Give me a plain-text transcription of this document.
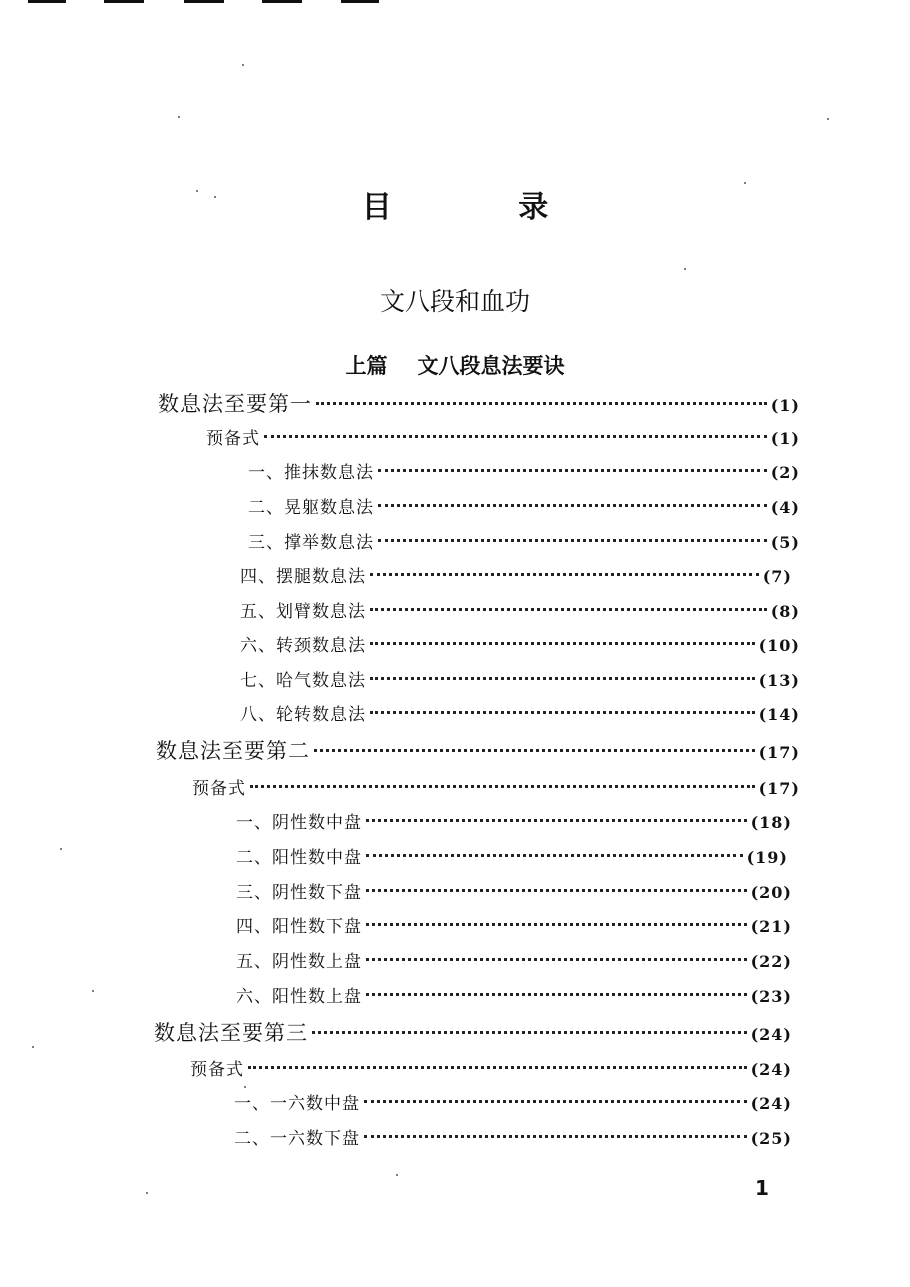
目 录
文八段和血功
上篇 文八段息法要诀
数息法至要第一	(1)
预备式	(1)
一、推抹数息法	(2)
二、晃躯数息法	(4)
三、撑举数息法	(5)
四、摆腿数息法	(7)
五、划臂数息法	(8)
六、转颈数息法	(10)
七、哈气数息法	(13)
八、轮转数息法	(14)
数息法至要第二	(17)
预备式	(17)
一、阴性数中盘	(18)
二、阳性数中盘	(19)
三、阴性数下盘	(20)
四、阳性数下盘	(21)
五、阴性数上盘	(22)
六、阳性数上盘	(23)
数息法至要第三	(24)
预备式	(24)
一、一六数中盘	(24)
二、一六数下盘	(25)
1
